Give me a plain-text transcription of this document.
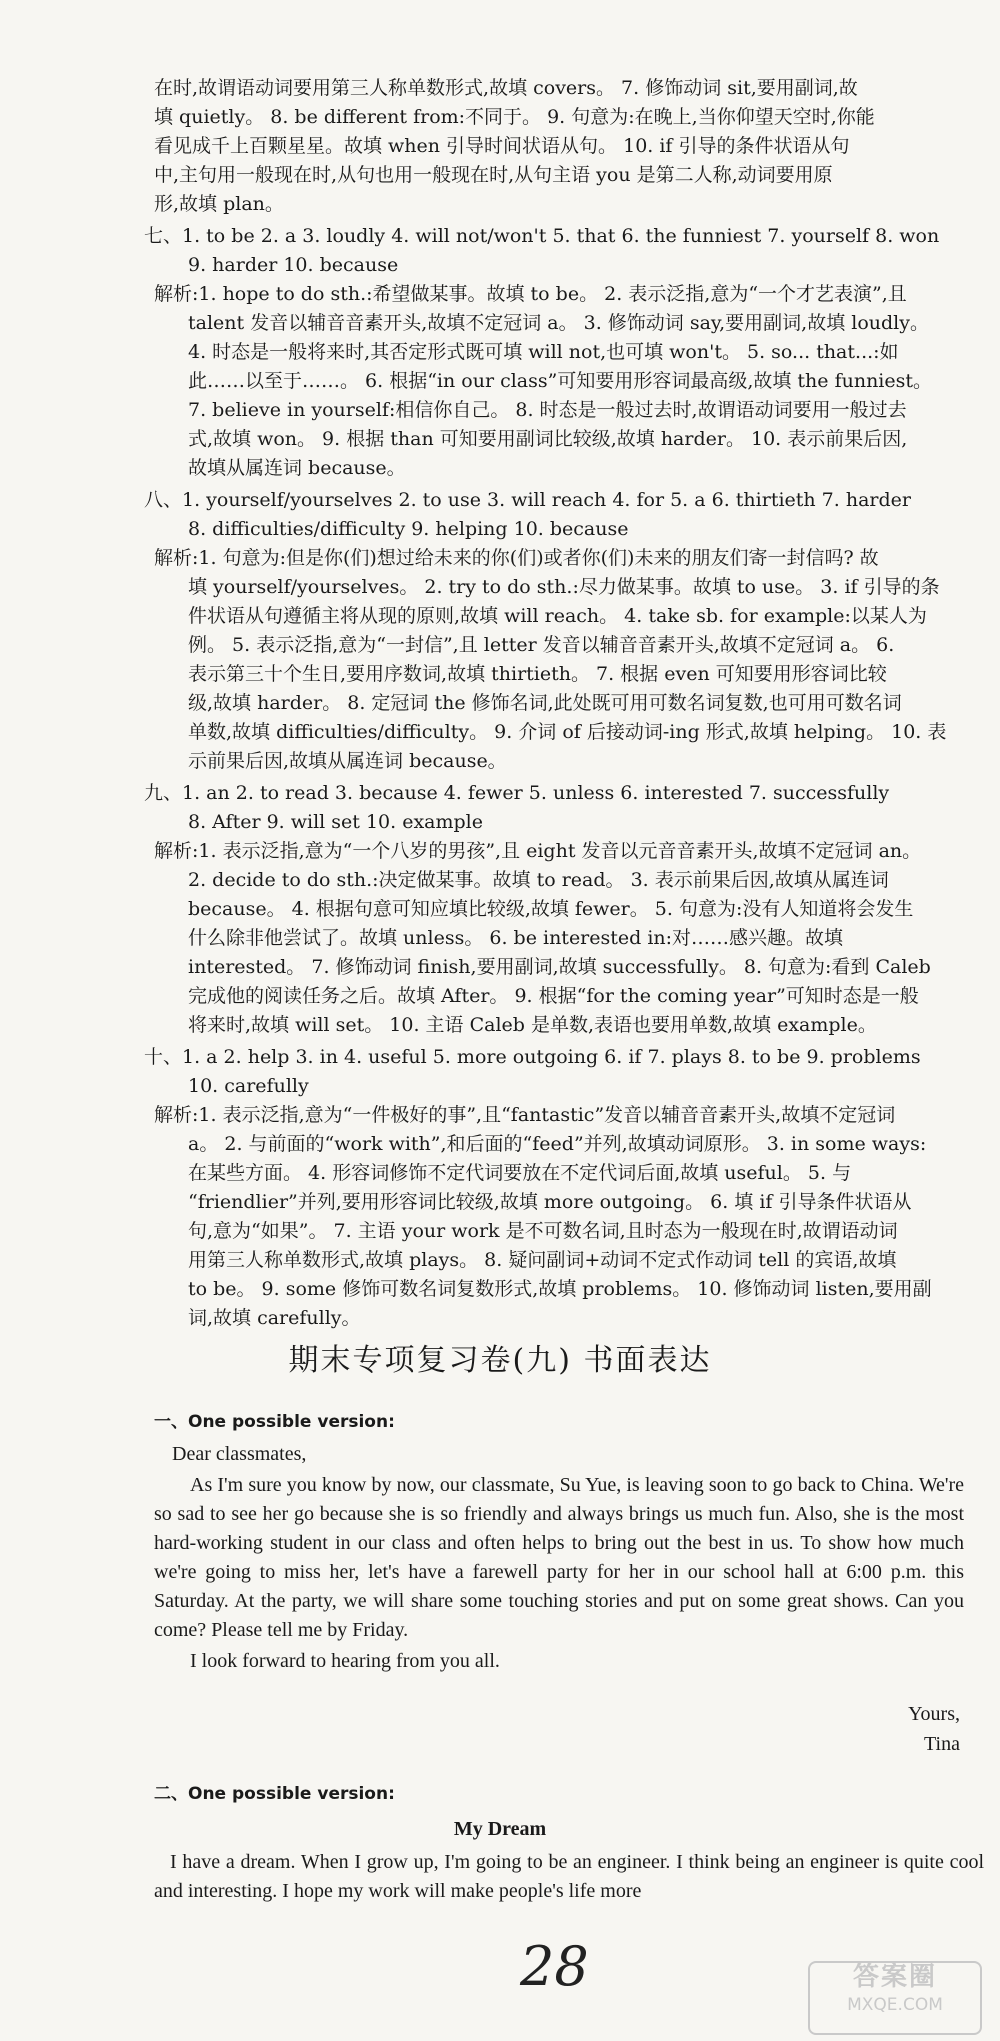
在时,故谓语动词要用第三人称单数形式,故填 covers。 7. 修饰动词 sit,要用副词,故
填 quietly。 8. be different from:不同于。 9. 句意为:在晚上,当你仰望天空时,你能
看见成千上百颗星星。故填 when 引导时间状语从句。 10. if 引导的条件状语从句
中,主句用一般现在时,从句也用一般现在时,从句主语 you 是第二人称,动词要用原
形,故填 plan。
七、1. to be 2. a 3. loudly 4. will not/won't 5. that 6. the funniest 7. yourself 8. won
9. harder 10. because
解析:1. hope to do sth.:希望做某事。故填 to be。 2. 表示泛指,意为“一个才艺表演”,且
talent 发音以辅音音素开头,故填不定冠词 a。 3. 修饰动词 say,要用副词,故填 loudly。
4. 时态是一般将来时,其否定形式既可填 will not,也可填 won't。 5. so... that...:如
此……以至于……。 6. 根据“in our class”可知要用形容词最高级,故填 the funniest。
7. believe in yourself:相信你自己。 8. 时态是一般过去时,故谓语动词要用一般过去
式,故填 won。 9. 根据 than 可知要用副词比较级,故填 harder。 10. 表示前果后因,
故填从属连词 because。
八、1. yourself/yourselves 2. to use 3. will reach 4. for 5. a 6. thirtieth 7. harder
8. difficulties/difficulty 9. helping 10. because
解析:1. 句意为:但是你(们)想过给未来的你(们)或者你(们)未来的朋友们寄一封信吗? 故
填 yourself/yourselves。 2. try to do sth.:尽力做某事。故填 to use。 3. if 引导的条
件状语从句遵循主将从现的原则,故填 will reach。 4. take sb. for example:以某人为
例。 5. 表示泛指,意为“一封信”,且 letter 发音以辅音音素开头,故填不定冠词 a。 6.
表示第三十个生日,要用序数词,故填 thirtieth。 7. 根据 even 可知要用形容词比较
级,故填 harder。 8. 定冠词 the 修饰名词,此处既可用可数名词复数,也可用可数名词
单数,故填 difficulties/difficulty。 9. 介词 of 后接动词-ing 形式,故填 helping。 10. 表
示前果后因,故填从属连词 because。
九、1. an 2. to read 3. because 4. fewer 5. unless 6. interested 7. successfully
8. After 9. will set 10. example
解析:1. 表示泛指,意为“一个八岁的男孩”,且 eight 发音以元音音素开头,故填不定冠词 an。
2. decide to do sth.:决定做某事。故填 to read。 3. 表示前果后因,故填从属连词
because。 4. 根据句意可知应填比较级,故填 fewer。 5. 句意为:没有人知道将会发生
什么除非他尝试了。故填 unless。 6. be interested in:对……感兴趣。故填
interested。 7. 修饰动词 finish,要用副词,故填 successfully。 8. 句意为:看到 Caleb
完成他的阅读任务之后。故填 After。 9. 根据“for the coming year”可知时态是一般
将来时,故填 will set。 10. 主语 Caleb 是单数,表语也要用单数,故填 example。
十、1. a 2. help 3. in 4. useful 5. more outgoing 6. if 7. plays 8. to be 9. problems
10. carefully
解析:1. 表示泛指,意为“一件极好的事”,且“fantastic”发音以辅音音素开头,故填不定冠词
a。 2. 与前面的“work with”,和后面的“feed”并列,故填动词原形。 3. in some ways:
在某些方面。 4. 形容词修饰不定代词要放在不定代词后面,故填 useful。 5. 与
“friendlier”并列,要用形容词比较级,故填 more outgoing。 6. 填 if 引导条件状语从
句,意为“如果”。 7. 主语 your work 是不可数名词,且时态为一般现在时,故谓语动词
用第三人称单数形式,故填 plays。 8. 疑问副词+动词不定式作动词 tell 的宾语,故填
to be。 9. some 修饰可数名词复数形式,故填 problems。 10. 修饰动词 listen,要用副
词,故填 carefully。
期末专项复习卷(九) 书面表达
一、One possible version:
Dear classmates,
As I'm sure you know by now, our classmate, Su Yue, is leaving soon to go back to China. We're so sad to see her go because she is so friendly and always brings us much fun. Also, she is the most hard-working student in our class and often helps to bring out the best in us. To show how much we're going to miss her, let's have a farewell party for her in our school hall at 6:00 p.m. this Saturday. At the party, we will share some touching stories and put on some great shows. Can you come? Please tell me by Friday.
I look forward to hearing from you all.
Yours,
Tina
二、One possible version:
My Dream
I have a dream. When I grow up, I'm going to be an engineer. I think being an engineer is quite cool and interesting. I hope my work will make people's life more
28	答案圈
MXQE.COM
